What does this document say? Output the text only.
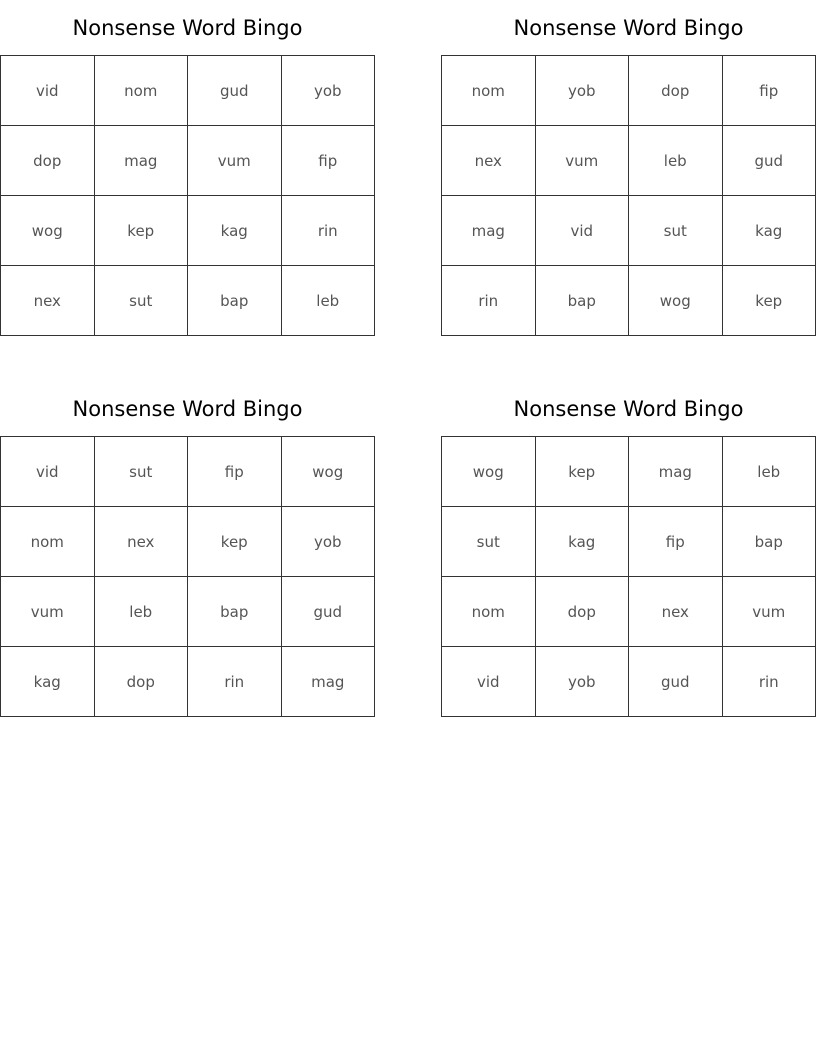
Nonsense Word Bingo
vid	nom	gud	yob
dop	mag	vum	fip
wog	kep	kag	rin
nex	sut	bap	leb
Nonsense Word Bingo
nom	yob	dop	fip
nex	vum	leb	gud
mag	vid	sut	kag
rin	bap	wog	kep
Nonsense Word Bingo
vid	sut	fip	wog
nom	nex	kep	yob
vum	leb	bap	gud
kag	dop	rin	mag
Nonsense Word Bingo
wog	kep	mag	leb
sut	kag	fip	bap
nom	dop	nex	vum
vid	yob	gud	rin
